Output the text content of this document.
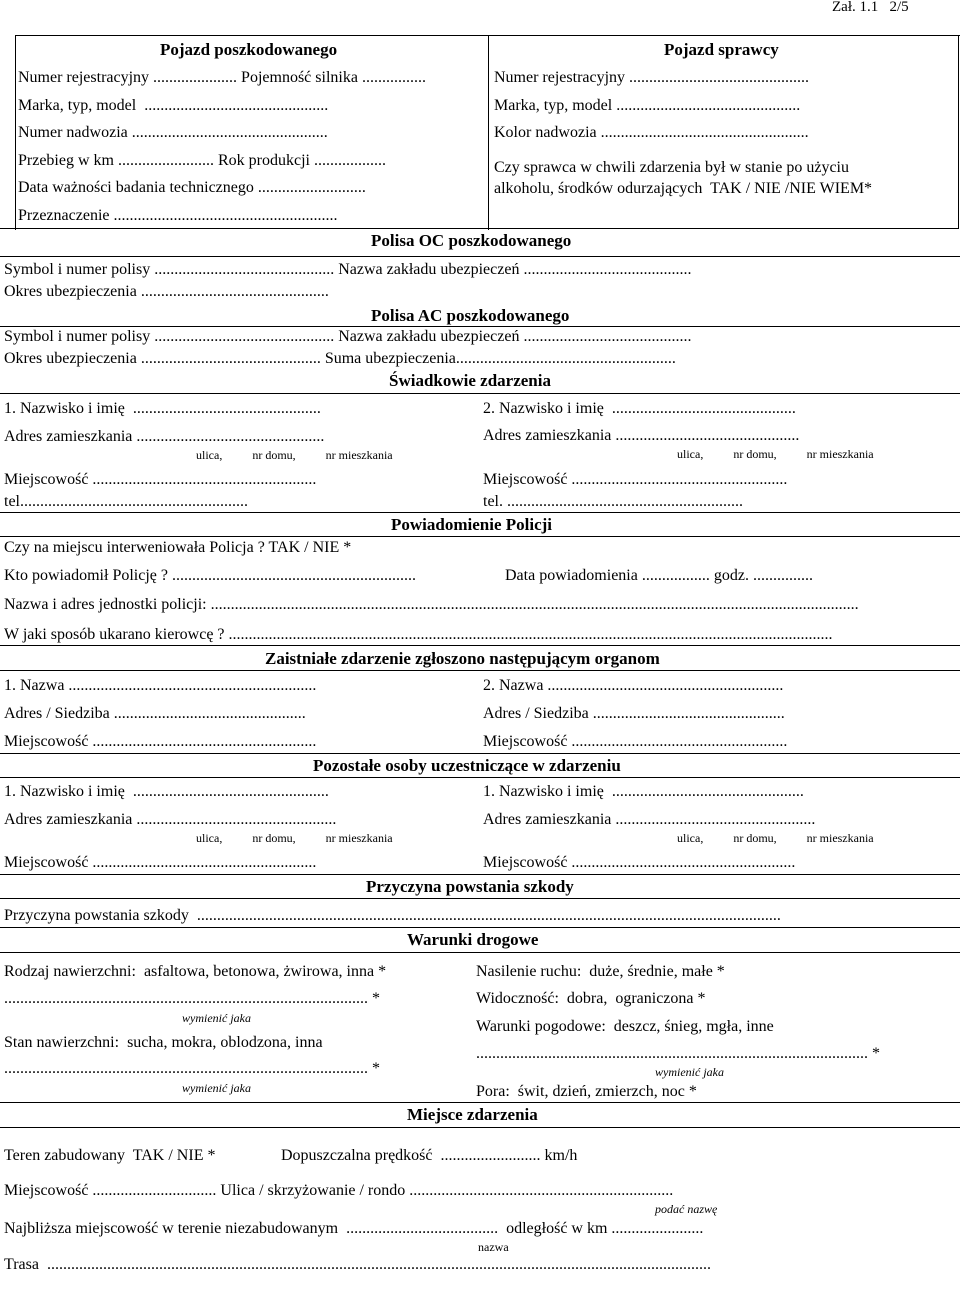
Zał. 1.1   2/5
Pojazd poszkodowanego
Numer rejestracyjny ..................... Pojemność silnika ................
Marka, typ, model  ..............................................
Numer nadwozia .................................................
Przebieg w km ........................ Rok produkcji ..................
Data ważności badania technicznego ...........................
Przeznaczenie ........................................................
Pojazd sprawcy
Numer rejestracyjny .............................................
Marka, typ, model ..............................................
Kolor nadwozia ....................................................
Czy sprawca w chwili zdarzenia był w stanie po użyciu
alkoholu, środków odurzających  TAK / NIE /NIE WIEM*
Polisa OC poszkodowanego
Symbol i numer polisy ............................................. Nazwa zakładu ubezpieczeń ..........................................
Okres ubezpieczenia ...............................................
Polisa AC poszkodowanego
Symbol i numer polisy ............................................. Nazwa zakładu ubezpieczeń ..........................................
Okres ubezpieczenia ............................................. Suma ubezpieczenia.......................................................
Świadkowie zdarzenia
1. Nazwisko i imię  ...............................................
Adres zamieszkania ...............................................
ulica,          nr domu,          nr mieszkania
Miejscowość ........................................................
tel.........................................................
2. Nazwisko i imię  ..............................................
Adres zamieszkania ..............................................
ulica,          nr domu,          nr mieszkania
Miejscowość ......................................................
tel. ...........................................................
Powiadomienie Policji
Czy na miejscu interweniowała Policja ? TAK / NIE *
Kto powiadomił Policję ? .............................................................	Data powiadomienia ................. godz. ...............
Nazwa i adres jednostki policji: ..................................................................................................................................................................
W jaki sposób ukarano kierowcę ? .......................................................................................................................................................
Zaistniałe zdarzenie zgłoszono następującym organom
1. Nazwa ..............................................................
Adres / Siedziba ................................................
Miejscowość ........................................................
2. Nazwa ...........................................................
Adres / Siedziba ................................................
Miejscowość ......................................................
Pozostałe osoby uczestniczące w zdarzeniu
1. Nazwisko i imię  .................................................
Adres zamieszkania ..................................................
ulica,          nr domu,          nr mieszkania
Miejscowość ........................................................
1. Nazwisko i imię  ................................................
Adres zamieszkania ..................................................
ulica,          nr domu,          nr mieszkania
Miejscowość ........................................................
Przyczyna powstania szkody
Przyczyna powstania szkody  ..................................................................................................................................................
Warunki drogowe
Rodzaj nawierzchni:  asfaltowa, betonowa, żwirowa, inna *
........................................................................................... *
wymienić jaka
Stan nawierzchni:  sucha, mokra, oblodzona, inna
........................................................................................... *
wymienić jaka
Nasilenie ruchu:  duże, średnie, małe *
Widoczność:  dobra,  ograniczona *
Warunki pogodowe:  deszcz, śnieg, mgła, inne
.................................................................................................. *
wymienić jaka
Pora:  świt, dzień, zmierzch, noc *
Miejsce zdarzenia
Teren zabudowany  TAK / NIE *	Dopuszczalna prędkość  ......................... km/h
Miejscowość ............................... Ulica / skrzyżowanie / rondo ..................................................................
podać nazwę
Najbliższa miejscowość w terenie niezabudowanym  ......................................  odległość w km .......................
nazwa
Trasa  ......................................................................................................................................................................
